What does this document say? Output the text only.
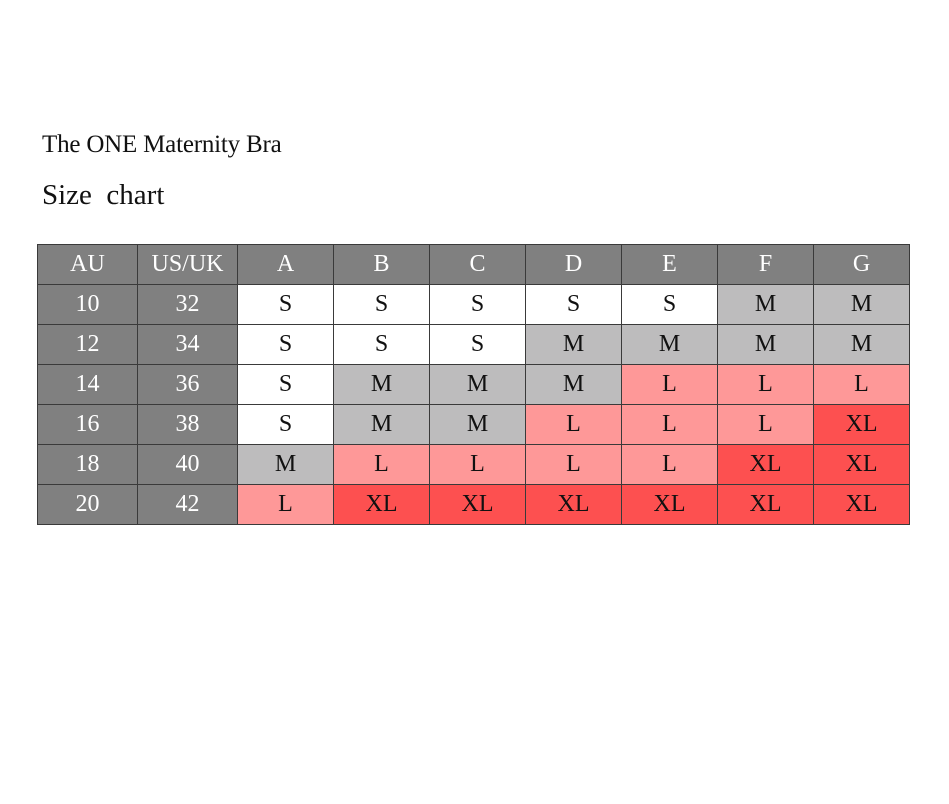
The ONE Maternity Bra
Size  chart
AU	US/UK	A	B	C	D	E	F	G
10	32	S	S	S	S	S	M	M
12	34	S	S	S	M	M	M	M
14	36	S	M	M	M	L	L	L
16	38	S	M	M	L	L	L	XL
18	40	M	L	L	L	L	XL	XL
20	42	L	XL	XL	XL	XL	XL	XL
